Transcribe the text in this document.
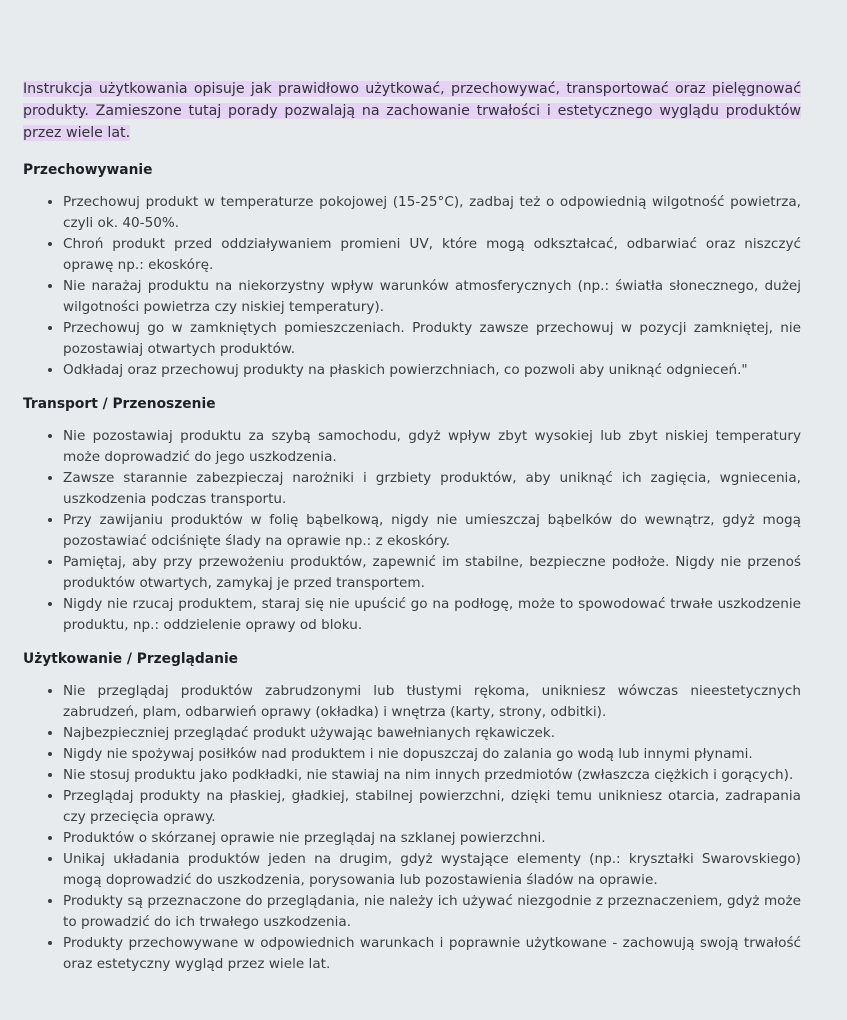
Instrukcja użytkowania opisuje jak prawidłowo użytkować, przechowywać, transportować oraz pielęgnować produkty. Zamieszone tutaj porady pozwalają na zachowanie trwałości i estetycznego wyglądu produktów przez wiele lat.

Przechowywanie
• Przechowuj produkt w temperaturze pokojowej (15-25°C), zadbaj też o odpowiednią wilgotność powietrza, czyli ok. 40-50%.
• Chroń produkt przed oddziaływaniem promieni UV, które mogą odkształcać, odbarwiać oraz niszczyć oprawę np.: ekoskórę.
• Nie narażaj produktu na niekorzystny wpływ warunków atmosferycznych (np.: światła słonecznego, dużej wilgotności powietrza czy niskiej temperatury).
• Przechowuj go w zamkniętych pomieszczeniach. Produkty zawsze przechowuj w pozycji zamkniętej, nie pozostawiaj otwartych produktów.
• Odkładaj oraz przechowuj produkty na płaskich powierzchniach, co pozwoli aby uniknąć odgnieceń."
Transport / Przenoszenie
• Nie pozostawiaj produktu za szybą samochodu, gdyż wpływ zbyt wysokiej lub zbyt niskiej temperatury może doprowadzić do jego uszkodzenia.
• Zawsze starannie zabezpieczaj narożniki i grzbiety produktów, aby uniknąć ich zagięcia, wgniecenia, uszkodzenia podczas transportu.
• Przy zawijaniu produktów w folię bąbelkową, nigdy nie umieszczaj bąbelków do wewnątrz, gdyż mogą pozostawiać odciśnięte ślady na oprawie np.: z ekoskóry.
• Pamiętaj, aby przy przewożeniu produktów, zapewnić im stabilne, bezpieczne podłoże. Nigdy nie przenoś produktów otwartych, zamykaj je przed transportem.
• Nigdy nie rzucaj produktem, staraj się nie upuścić go na podłogę, może to spowodować trwałe uszkodzenie produktu, np.: oddzielenie oprawy od bloku.
Użytkowanie / Przeglądanie
• Nie przeglądaj produktów zabrudzonymi lub tłustymi rękoma, unikniesz wówczas nieestetycznych zabrudzeń, plam, odbarwień oprawy (okładka) i wnętrza (karty, strony, odbitki).
• Najbezpieczniej przeglądać produkt używając bawełnianych rękawiczek.
• Nigdy nie spożywaj posiłków nad produktem i nie dopuszczaj do zalania go wodą lub innymi płynami.
• Nie stosuj produktu jako podkładki, nie stawiaj na nim innych przedmiotów (zwłaszcza ciężkich i gorących).
• Przeglądaj produkty na płaskiej, gładkiej, stabilnej powierzchni, dzięki temu unikniesz otarcia, zadrapania czy przecięcia oprawy.
• Produktów o skórzanej oprawie nie przeglądaj na szklanej powierzchni.
• Unikaj układania produktów jeden na drugim, gdyż wystające elementy (np.: kryształki Swarovskiego) mogą doprowadzić do uszkodzenia, porysowania lub pozostawienia śladów na oprawie.
• Produkty są przeznaczone do przeglądania, nie należy ich używać niezgodnie z przeznaczeniem, gdyż może to prowadzić do ich trwałego uszkodzenia.
• Produkty przechowywane w odpowiednich warunkach i poprawnie użytkowane - zachowują swoją trwałość oraz estetyczny wygląd przez wiele lat.
